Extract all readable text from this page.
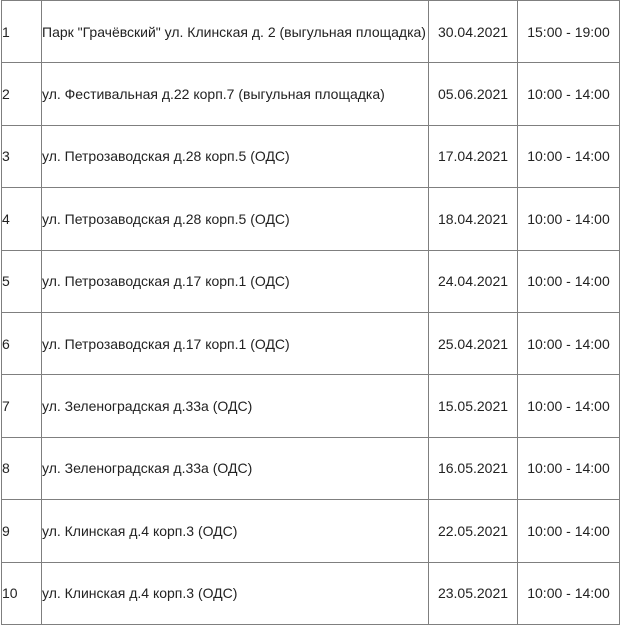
1	Парк "Грачёвский" ул. Клинская д. 2 (выгульная площадка)	30.04.2021	15:00 - 19:00
2	ул. Фестивальная д.22 корп.7 (выгульная площадка)	05.06.2021	10:00 - 14:00
3	ул. Петрозаводская д.28 корп.5 (ОДС)	17.04.2021	10:00 - 14:00
4	ул. Петрозаводская д.28 корп.5 (ОДС)	18.04.2021	10:00 - 14:00
5	ул. Петрозаводская д.17 корп.1 (ОДС)	24.04.2021	10:00 - 14:00
6	ул. Петрозаводская д.17 корп.1 (ОДС)	25.04.2021	10:00 - 14:00
7	ул. Зеленоградская д.33а (ОДС)	15.05.2021	10:00 - 14:00
8	ул. Зеленоградская д.33а (ОДС)	16.05.2021	10:00 - 14:00
9	ул. Клинская д.4 корп.3 (ОДС)	22.05.2021	10:00 - 14:00
10	ул. Клинская д.4 корп.3 (ОДС)	23.05.2021	10:00 - 14:00
